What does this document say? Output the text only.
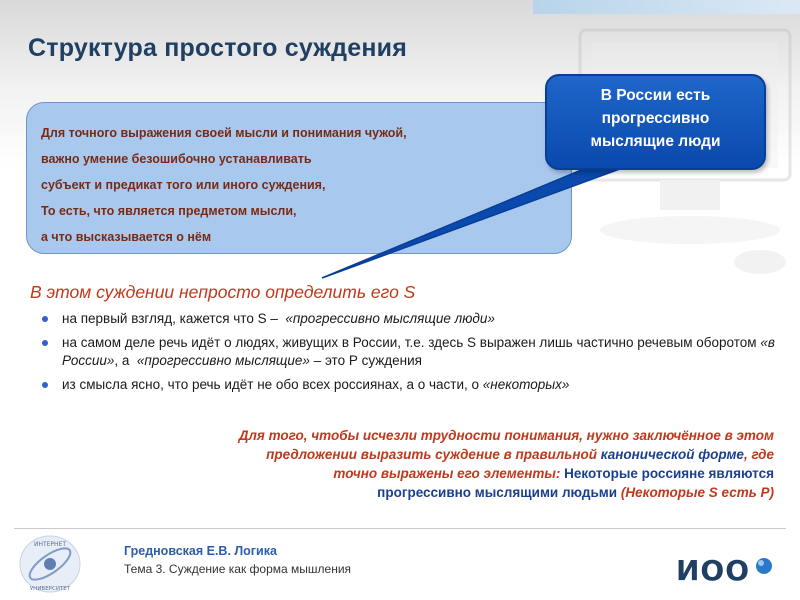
Структура простого суждения
Для точного выражения своей мысли и понимания чужой,
важно умение безошибочно устанавливать
субъект и предикат того или иного суждения,
То есть, что является предметом мысли,
а что высказывается о нём
В России есть
прогрессивно
мыслящие люди
В этом суждении непросто определить его S
на первый взгляд, кажется что S – «прогрессивно мыслящие люди»
на самом деле речь идёт о людях, живущих в России, т.е. здесь S выражен лишь частично речевым оборотом «в России», а «прогрессивно мыслящие» – это Р суждения
из смысла ясно, что речь идёт не обо всех россиянах, а о части, о «некоторых»
Для того, чтобы исчезли трудности понимания, нужно заключённое в этом
предложении выразить суждение в правильной канонической форме, где
точно выражены его элементы: Некоторые россияне являются
прогрессивно мыслящими людьми (Некоторые S есть Р)
ИНТЕРНЕТ
УНИВЕРСИТЕТ
Гредновская Е.В. Логика
Тема 3. Суждение как форма мышления	ИОО
